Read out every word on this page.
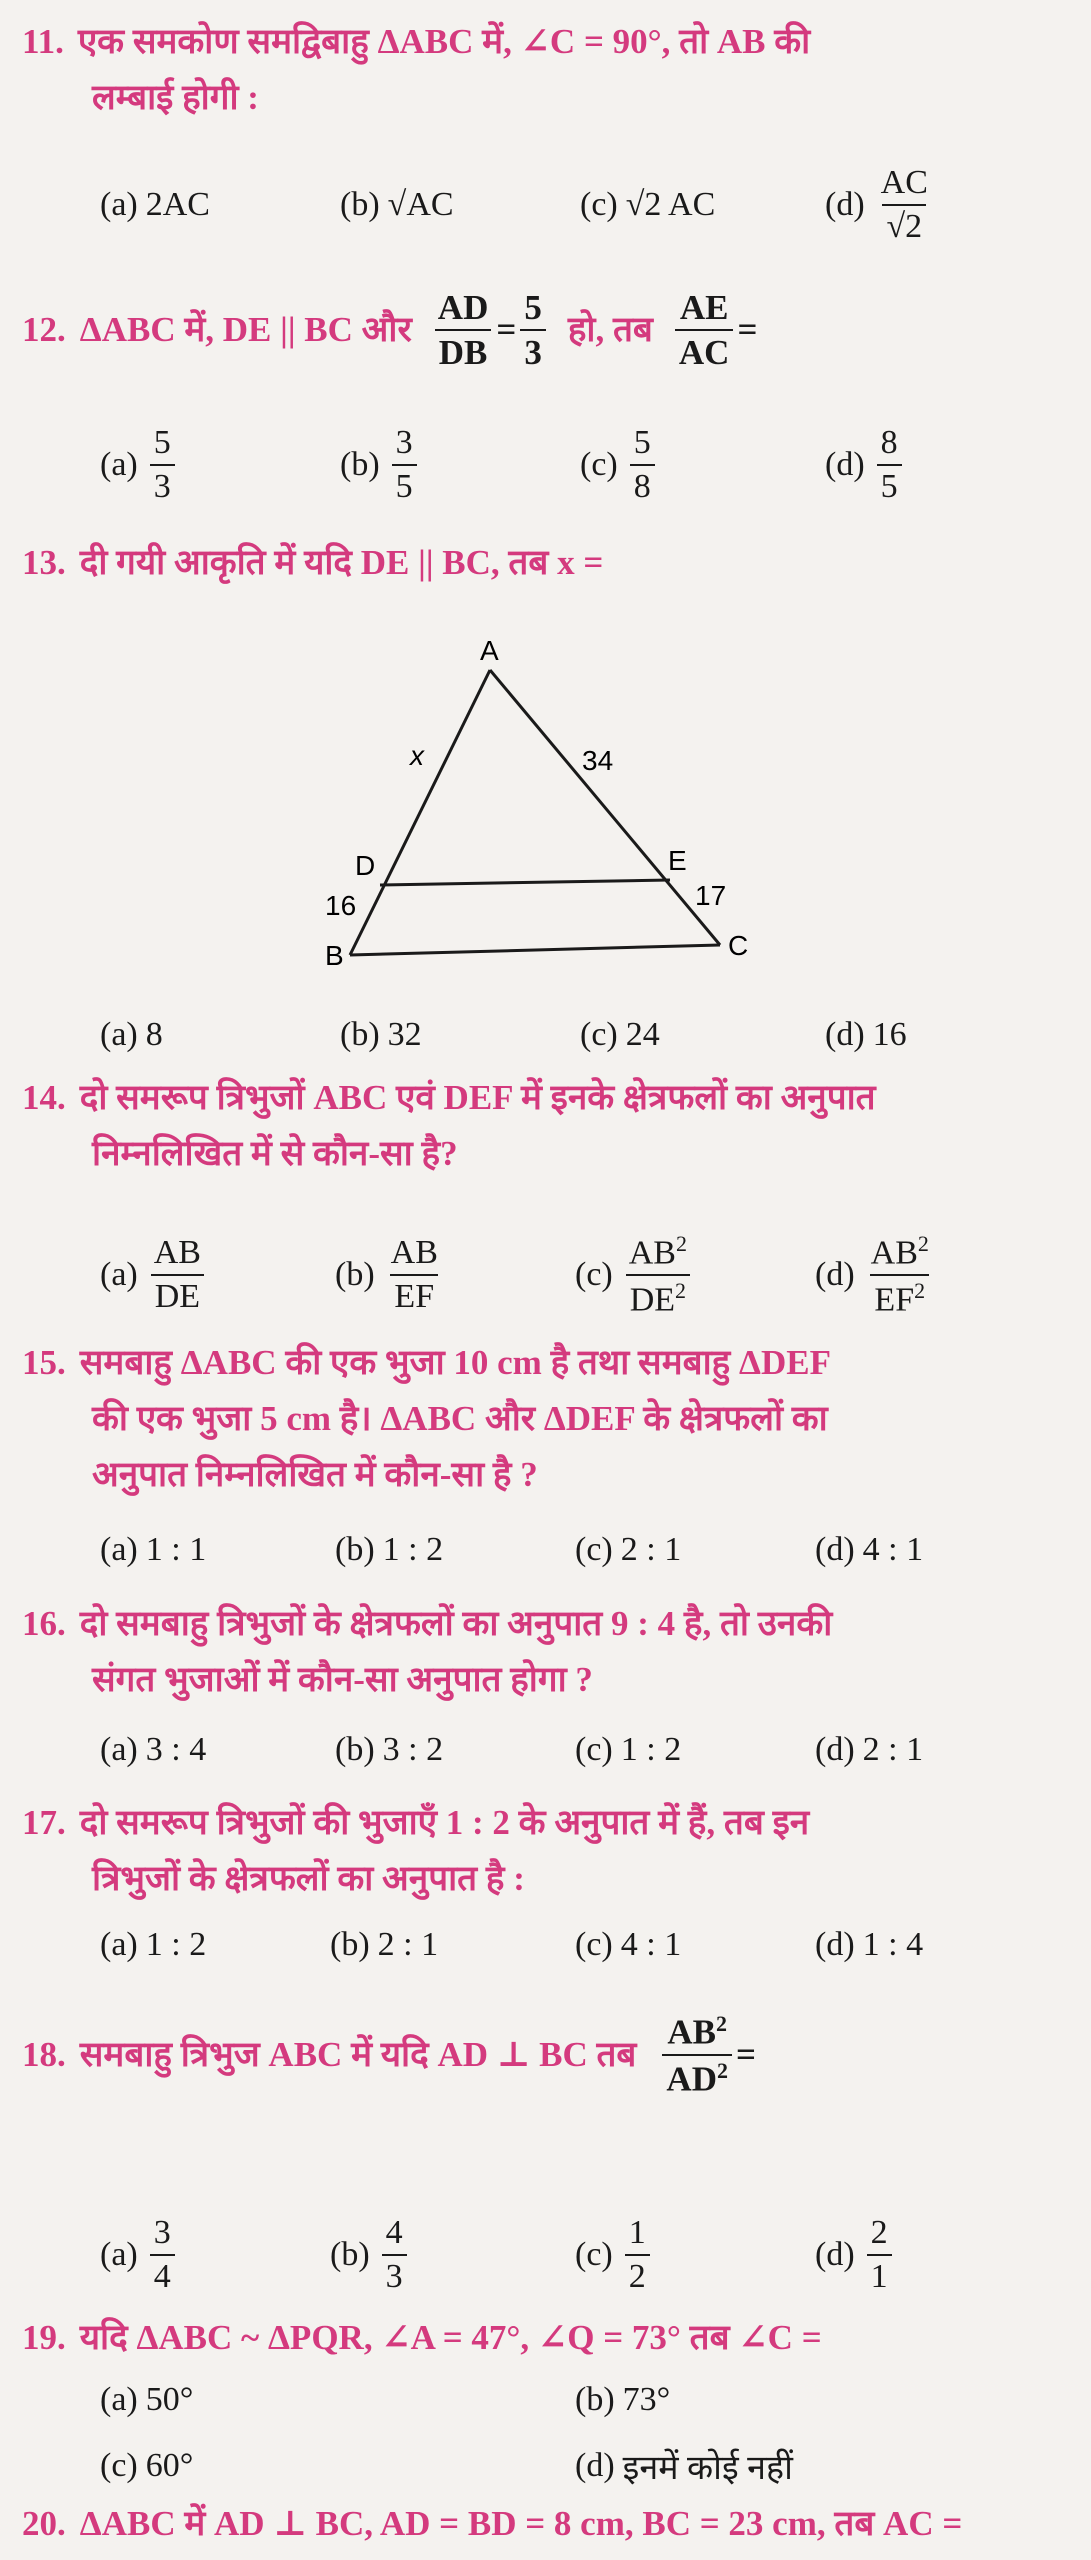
11. एक समकोण समद्विबाहु ΔABC में, ∠C = 90°, तो AB की
लम्बाई होगी :
(a) 2AC	(b) √AC	(c) √2 AC	$(d) \frac{AC}{√2}$
12. ΔABC में, DE || BC और $\frac{AD}{DB} = \frac{5}{3}$ हो, तब $\frac{AE}{AC}$ =
$(a) \frac{5}{3}$	$(b) \frac{3}{5}$	$(c) \frac{5}{8}$	$(d) \frac{8}{5}$
13. दी गयी आकृति में यदि DE || BC, तब x =
A
B	C
D	E
x	34
16	17
(a) 8	(b) 32	(c) 24	(d) 16
14. दो समरूप त्रिभुजों ABC एवं DEF में इनके क्षेत्रफलों का अनुपात
निम्नलिखित में से कौन-सा है?
$(a) \frac{AB}{DE}$	$(b) \frac{AB}{EF}$	$(c) \frac{AB^2}{DE^2}$	$(d) \frac{AB^2}{EF^2}$
15. समबाहु ΔABC की एक भुजा 10 cm है तथा समबाहु ΔDEF
की एक भुजा 5 cm है। ΔABC और ΔDEF के क्षेत्रफलों का
अनुपात निम्नलिखित में कौन-सा है ?
(a) 1 : 1	(b) 1 : 2	(c) 2 : 1	(d) 4 : 1
16. दो समबाहु त्रिभुजों के क्षेत्रफलों का अनुपात 9 : 4 है, तो उनकी
संगत भुजाओं में कौन-सा अनुपात होगा ?
(a) 3 : 4	(b) 3 : 2	(c) 1 : 2	(d) 2 : 1
17. दो समरूप त्रिभुजों की भुजाएँ 1 : 2 के अनुपात में हैं, तब इन
त्रिभुजों के क्षेत्रफलों का अनुपात है :
(a) 1 : 2	(b) 2 : 1	(c) 4 : 1	(d) 1 : 4
18. समबाहु त्रिभुज ABC में यदि AD ⊥ BC तब $\frac{AB^2}{AD^2}$ =
$(a) \frac{3}{4}$	$(b) \frac{4}{3}$	$(c) \frac{1}{2}$	$(d) \frac{2}{1}$
19. यदि ΔABC ~ ΔPQR, ∠A = 47°, ∠Q = 73° तब ∠C =
(a) 50°	(b) 73°
(c) 60°	(d) इनमें कोई नहीं
20. ΔABC में AD ⊥ BC, AD = BD = 8 cm, BC = 23 cm, तब AC =
